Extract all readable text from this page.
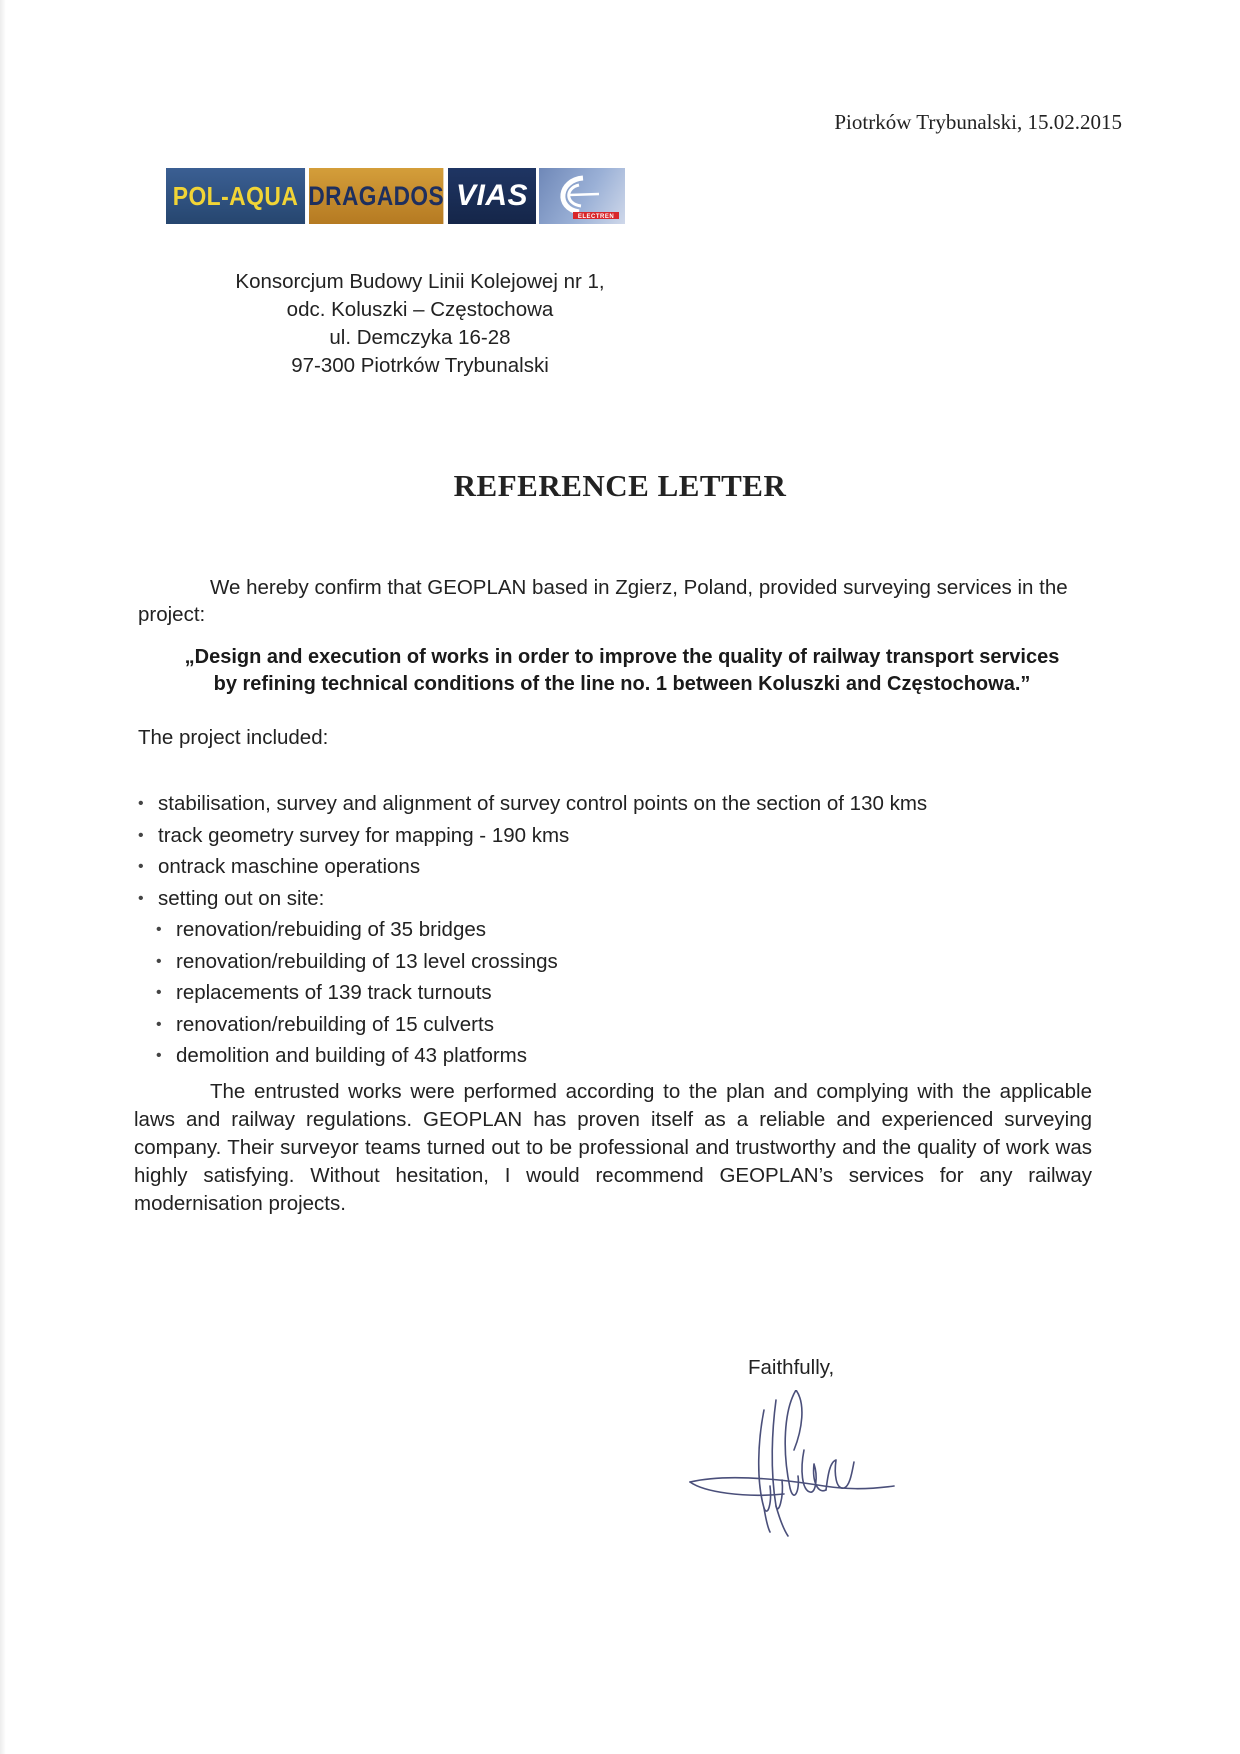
Piotrków Trybunalski, 15.02.2015
POL-AQUA DRAGADOS VIAS
ELECTREN
Konsorcjum Budowy Linii Kolejowej nr 1,
odc. Koluszki – Częstochowa
ul. Demczyka 16-28
97-300 Piotrków Trybunalski
REFERENCE LETTER
We hereby confirm that GEOPLAN based in Zgierz, Poland, provided surveying services in the project:
„Design and execution of works in order to improve the quality of railway transport services
by refining technical conditions of the line no. 1 between Koluszki and Częstochowa.”
The project included:
• stabilisation, survey and alignment of survey control points on the section of 130 kms
• track geometry survey for mapping - 190 kms
• ontrack maschine operations
• setting out on site:
• renovation/rebuiding of 35 bridges
• renovation/rebuilding of 13 level crossings
• replacements of 139 track turnouts
• renovation/rebuilding of 15 culverts
• demolition and building of 43 platforms
The entrusted works were performed according to the plan and complying with the applicable laws and railway regulations. GEOPLAN has proven itself as a reliable and experienced surveying company. Their surveyor teams turned out to be professional and trustworthy and the quality of work was highly satisfying. Without hesitation, I would recommend GEOPLAN’s services for any railway modernisation projects.
Faithfully,
